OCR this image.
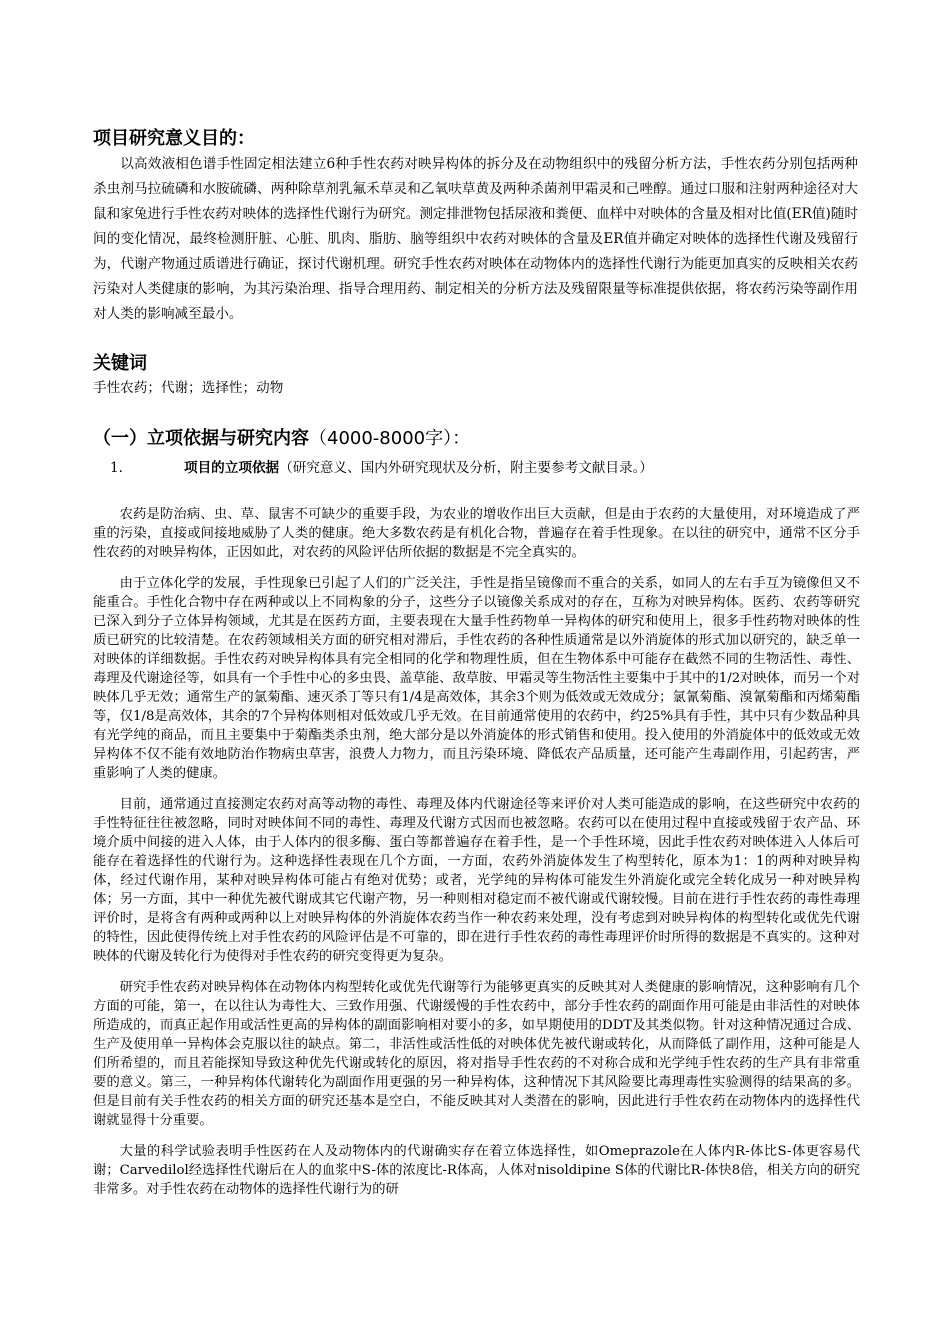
项目研究意义目的：

以高效液相色谱手性固定相法建立6种手性农药对映异构体的拆分及在动物组织中的残留分析方法，手性农药分别包括两种杀虫剂马拉硫磷和水胺硫磷、两种除草剂乳氟禾草灵和乙氧呋草黄及两种杀菌剂甲霜灵和己唑醇。通过口服和注射两种途径对大鼠和家兔进行手性农药对映体的选择性代谢行为研究。测定排泄物包括尿液和粪便、血样中对映体的含量及相对比值(ER值)随时间的变化情况，最终检测肝脏、心脏、肌肉、脂肪、脑等组织中农药对映体的含量及ER值并确定对映体的选择性代谢及残留行为，代谢产物通过质谱进行确证，探讨代谢机理。研究手性农药对映体在动物体内的选择性代谢行为能更加真实的反映相关农药污染对人类健康的影响，为其污染治理、指导合理用药、制定相关的分析方法及残留限量等标准提供依据，将农药污染等副作用对人类的影响减至最小。

关键词

手性农药；代谢；选择性；动物

（一）立项依据与研究内容（4000-8000字）：

1.	项目的立项依据（研究意义、国内外研究现状及分析，附主要参考文献目录。）

农药是防治病、虫、草、鼠害不可缺少的重要手段，为农业的增收作出巨大贡献，但是由于农药的大量使用，对环境造成了严重的污染，直接或间接地威胁了人类的健康。绝大多数农药是有机化合物，普遍存在着手性现象。在以往的研究中，通常不区分手性农药的对映异构体，正因如此，对农药的风险评估所依据的数据是不完全真实的。

由于立体化学的发展，手性现象已引起了人们的广泛关注，手性是指呈镜像而不重合的关系，如同人的左右手互为镜像但又不能重合。手性化合物中存在两种或以上不同构象的分子，这些分子以镜像关系成对的存在，互称为对映异构体。医药、农药等研究已深入到分子立体异构领域，尤其是在医药方面，主要表现在大量手性药物单一异构体的研究和使用上，很多手性药物对映体的性质已研究的比较清楚。在农药领域相关方面的研究相对滞后，手性农药的各种性质通常是以外消旋体的形式加以研究的，缺乏单一对映体的详细数据。手性农药对映异构体具有完全相同的化学和物理性质，但在生物体系中可能存在截然不同的生物活性、毒性、毒理及代谢途径等，如具有一个手性中心的多虫畏、盖草能、敌草胺、甲霜灵等生物活性主要集中于其中的1/2对映体，而另一个对映体几乎无效；通常生产的氯菊酯、速灭杀丁等只有1/4是高效体，其余3个则为低效或无效成分；氯氰菊酯、溴氰菊酯和丙烯菊酯等，仅1/8是高效体，其余的7个异构体则相对低效或几乎无效。在目前通常使用的农药中，约25%具有手性，其中只有少数品种具有光学纯的商品，而且主要集中于菊酯类杀虫剂，绝大部分是以外消旋体的形式销售和使用。投入使用的外消旋体中的低效或无效异构体不仅不能有效地防治作物病虫草害，浪费人力物力，而且污染环境、降低农产品质量，还可能产生毒副作用，引起药害，严重影响了人类的健康。

目前，通常通过直接测定农药对高等动物的毒性、毒理及体内代谢途径等来评价对人类可能造成的影响，在这些研究中农药的手性特征往往被忽略，同时对映体间不同的毒性、毒理及代谢方式因而也被忽略。农药可以在使用过程中直接或残留于农产品、环境介质中间接的进入人体，由于人体内的很多酶、蛋白等都普遍存在着手性，是一个手性环境，因此手性农药对映体进入人体后可能存在着选择性的代谢行为。这种选择性表现在几个方面，一方面，农药外消旋体发生了构型转化，原本为1：1的两种对映异构体，经过代谢作用，某种对映异构体可能占有绝对优势；或者，光学纯的异构体可能发生外消旋化或完全转化成另一种对映异构体；另一方面，其中一种优先被代谢成其它代谢产物，另一种则相对稳定而不被代谢或代谢较慢。目前在进行手性农药的毒性毒理评价时，是将含有两种或两种以上对映异构体的外消旋体农药当作一种农药来处理，没有考虑到对映异构体的构型转化或优先代谢的特性，因此使得传统上对手性农药的风险评估是不可靠的，即在进行手性农药的毒性毒理评价时所得的数据是不真实的。这种对映体的代谢及转化行为使得对手性农药的研究变得更为复杂。

研究手性农药对映异构体在动物体内构型转化或优先代谢等行为能够更真实的反映其对人类健康的影响情况，这种影响有几个方面的可能，第一，在以往认为毒性大、三致作用强、代谢缓慢的手性农药中，部分手性农药的副面作用可能是由非活性的对映体所造成的，而真正起作用或活性更高的异构体的副面影响相对要小的多，如早期使用的DDT及其类似物。针对这种情况通过合成、生产及使用单一异构体会克服以往的缺点。第二，非活性或活性低的对映体优先被代谢或转化，从而降低了副作用，这种可能是人们所希望的，而且若能探知导致这种优先代谢或转化的原因，将对指导手性农药的不对称合成和光学纯手性农药的生产具有非常重要的意义。第三，一种异构体代谢转化为副面作用更强的另一种异构体，这种情况下其风险要比毒理毒性实验测得的结果高的多。但是目前有关手性农药的相关方面的研究还基本是空白，不能反映其对人类潜在的影响，因此进行手性农药在动物体内的选择性代谢就显得十分重要。

大量的科学试验表明手性医药在人及动物体内的代谢确实存在着立体选择性，如Omeprazole在人体内R-体比S-体更容易代谢；Carvedilol经选择性代谢后在人的血浆中S-体的浓度比-R体高，人体对nisoldipine S体的代谢比R-体快8倍，相关方向的研究非常多。对手性农药在动物体的选择性代谢行为的研
